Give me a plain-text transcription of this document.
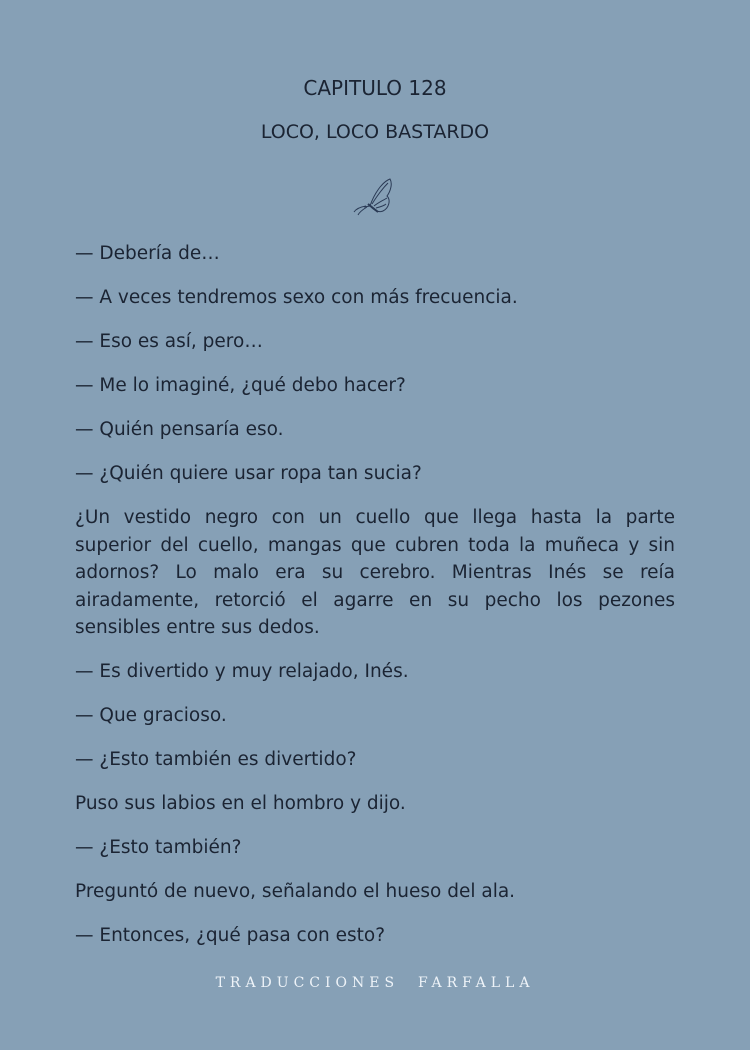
CAPITULO 128
LOCO, LOCO BASTARDO

— Debería de…

— A veces tendremos sexo con más frecuencia.

— Eso es así, pero…

— Me lo imaginé, ¿qué debo hacer?

— Quién pensaría eso.

— ¿Quién quiere usar ropa tan sucia?

¿Un vestido negro con un cuello que llega hasta la parte superior del cuello, mangas que cubren toda la muñeca y sin adornos? Lo malo era su cerebro. Mientras Inés se reía airadamente, retorció el agarre en su pecho los pezones sensibles entre sus dedos.

— Es divertido y muy relajado, Inés.

— Que gracioso.

— ¿Esto también es divertido?

Puso sus labios en el hombro y dijo.

— ¿Esto también?

Preguntó de nuevo, señalando el hueso del ala.

— Entonces, ¿qué pasa con esto?

TRADUCCIONES  FARFALLA
